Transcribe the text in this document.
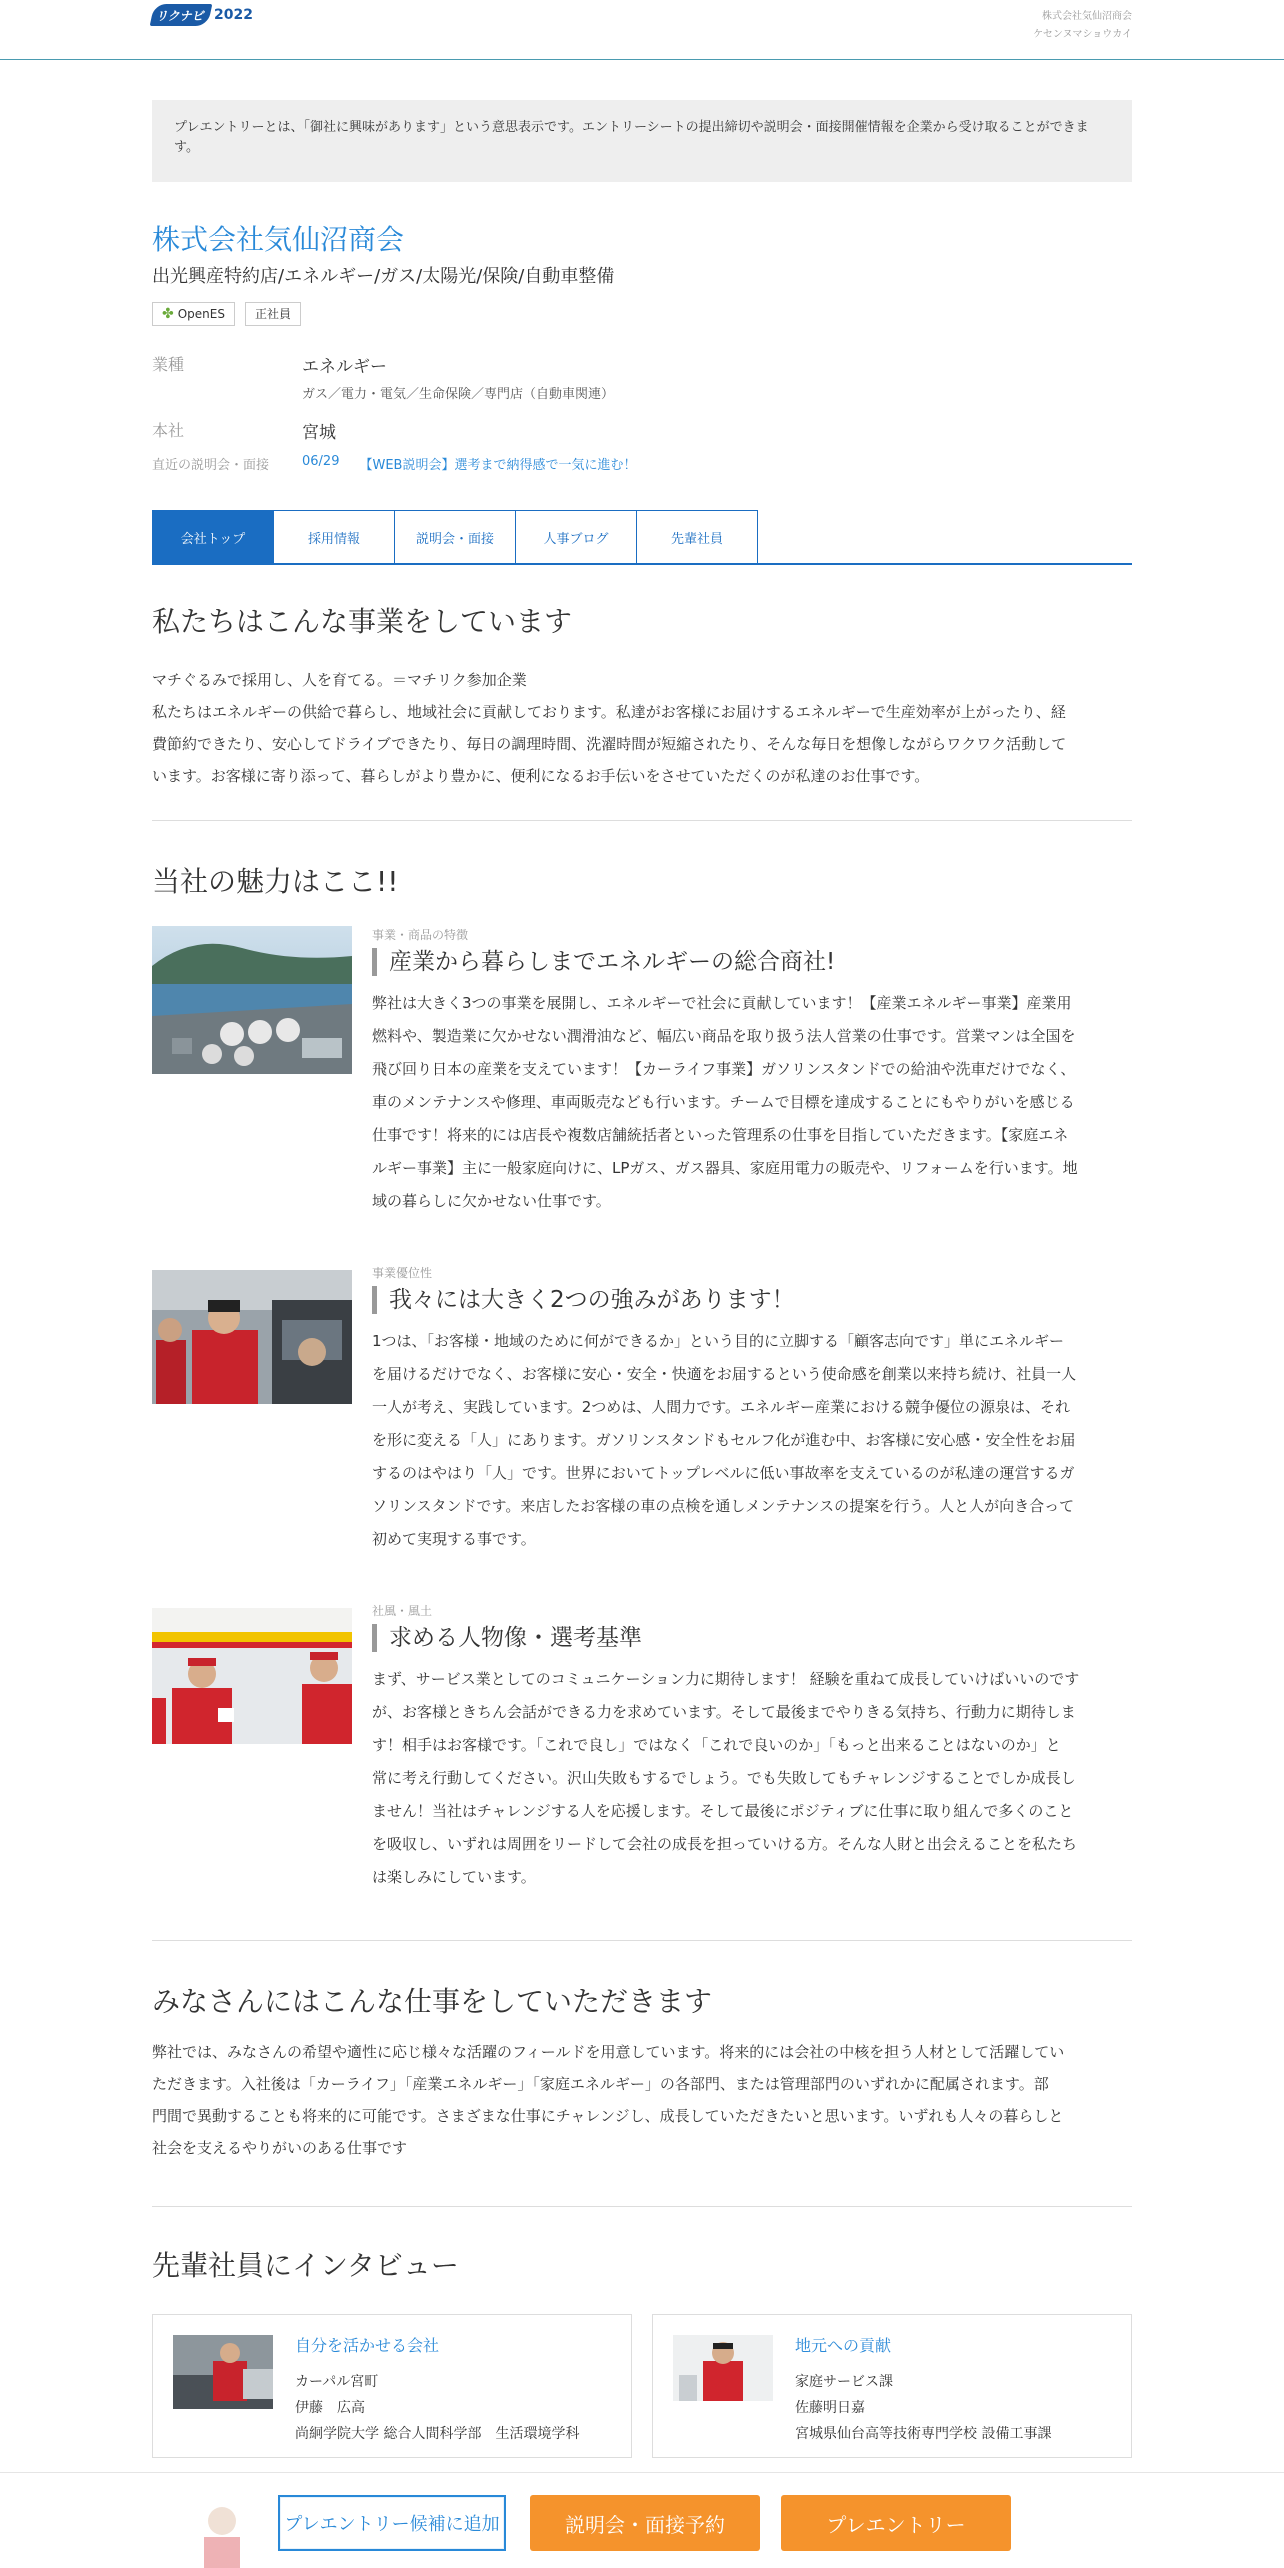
リクナビ 2022	株式会社気仙沼商会
ケセンヌマショウカイ
プレエントリーとは、「御社に興味があります」という意思表示です。エントリーシートの提出締切や説明会・面接開催情報を企業から受け取ることができます。
株式会社気仙沼商会
出光興産特約店/エネルギー/ガス/太陽光/保険/自動車整備
✤ OpenES	正社員
業種	エネルギー
ガス／電力・電気／生命保険／専門店（自動車関連）
本社	宮城
直近の説明会・面接	06/29 【WEB説明会】選考まで納得感で一気に進む！
会社トップ	採用情報	説明会・面接	人事ブログ	先輩社員
私たちはこんな事業をしています
マチぐるみで採用し、人を育てる。＝マチリク参加企業
私たちはエネルギーの供給で暮らし、地域社会に貢献しております。私達がお客様にお届けするエネルギーで生産効率が上がったり、経
費節約できたり、安心してドライブできたり、毎日の調理時間、洗濯時間が短縮されたり、そんな毎日を想像しながらワクワク活動して
います。お客様に寄り添って、暮らしがより豊かに、便利になるお手伝いをさせていただくのが私達のお仕事です。
当社の魅力はここ!!
事業・商品の特徴
産業から暮らしまでエネルギーの総合商社!
弊社は大きく3つの事業を展開し、エネルギーで社会に貢献しています！【産業エネルギー事業】産業用
燃料や、製造業に欠かせない潤滑油など、幅広い商品を取り扱う法人営業の仕事です。営業マンは全国を
飛び回り日本の産業を支えています！【カーライフ事業】ガソリンスタンドでの給油や洗車だけでなく、
車のメンテナンスや修理、車両販売なども行います。チームで目標を達成することにもやりがいを感じる
仕事です！将来的には店長や複数店舗統括者といった管理系の仕事を目指していただきます。【家庭エネ
ルギー事業】主に一般家庭向けに、LPガス、ガス器具、家庭用電力の販売や、リフォームを行います。地
域の暮らしに欠かせない仕事です。
事業優位性
我々には大きく2つの強みがあります！
1つは、「お客様・地域のために何ができるか」という目的に立脚する「顧客志向です」単にエネルギー
を届けるだけでなく、お客様に安心・安全・快適をお届するという使命感を創業以来持ち続け、社員一人
一人が考え、実践しています。2つめは、人間力です。エネルギー産業における競争優位の源泉は、それ
を形に変える「人」にあります。ガソリンスタンドもセルフ化が進む中、お客様に安心感・安全性をお届
するのはやはり「人」です。世界においてトップレベルに低い事故率を支えているのが私達の運営するガ
ソリンスタンドです。来店したお客様の車の点検を通しメンテナンスの提案を行う。人と人が向き合って
初めて実現する事です。
社風・風土
求める人物像・選考基準
まず、サービス業としてのコミュニケーション力に期待します！ 経験を重ねて成長していけばいいのです
が、お客様ときちん会話ができる力を求めています。そして最後までやりきる気持ち、行動力に期待しま
す！相手はお客様です。「これで良し」ではなく「これで良いのか」「もっと出来ることはないのか」と
常に考え行動してください。沢山失敗もするでしょう。でも失敗してもチャレンジすることでしか成長し
ません！当社はチャレンジする人を応援します。そして最後にポジティブに仕事に取り組んで多くのこと
を吸収し、いずれは周囲をリードして会社の成長を担っていける方。そんな人財と出会えることを私たち
は楽しみにしています。
みなさんにはこんな仕事をしていただきます
弊社では、みなさんの希望や適性に応じ様々な活躍のフィールドを用意しています。将来的には会社の中核を担う人材として活躍してい
ただきます。入社後は「カーライフ」「産業エネルギー」「家庭エネルギー」の各部門、または管理部門のいずれかに配属されます。部
門間で異動することも将来的に可能です。さまざまな仕事にチャレンジし、成長していただきたいと思います。いずれも人々の暮らしと
社会を支えるやりがいのある仕事です
先輩社員にインタビュー
自分を活かせる会社
カーパル宮町
伊藤　広高
尚絅学院大学 総合人間科学部　生活環境学科
地元への貢献
家庭サービス課
佐藤明日嘉
宮城県仙台高等技術専門学校 設備工事課
プレエントリー候補に追加	説明会・面接予約	プレエントリー
